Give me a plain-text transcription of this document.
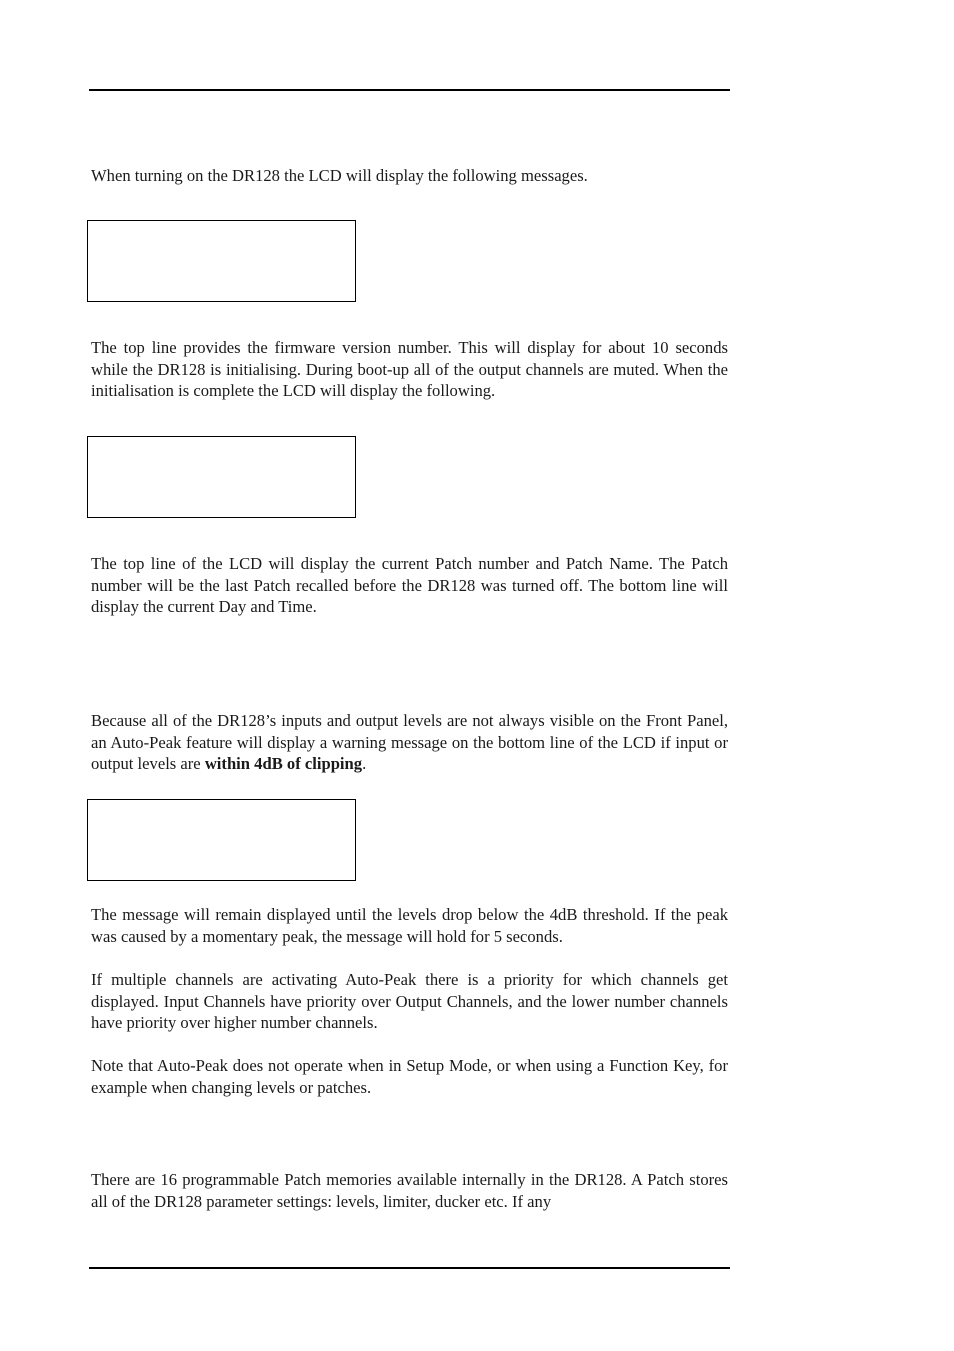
When turning on the DR128 the LCD will display the following messages.

The top line provides the firmware version number. This will display for about 10 seconds while the DR128 is initialising. During boot-up all of the output channels are muted. When the initialisation is complete the LCD will display the following.

The top line of the LCD will display the current Patch number and Patch Name. The Patch number will be the last Patch recalled before the DR128 was turned off. The bottom line will display the current Day and Time.

Because all of the DR128’s inputs and output levels are not always visible on the Front Panel, an Auto-Peak feature will display a warning message on the bottom line of the LCD if input or output levels are within 4dB of clipping.

The message will remain displayed until the levels drop below the 4dB threshold. If the peak was caused by a momentary peak, the message will hold for 5 seconds.

If multiple channels are activating Auto-Peak there is a priority for which channels get displayed. Input Channels have priority over Output Channels, and the lower number channels have priority over higher number channels.

Note that Auto-Peak does not operate when in Setup Mode, or when using a Function Key, for example when changing levels or patches.

There are 16 programmable Patch memories available internally in the DR128. A Patch stores all of the DR128 parameter settings: levels, limiter, ducker etc. If any
